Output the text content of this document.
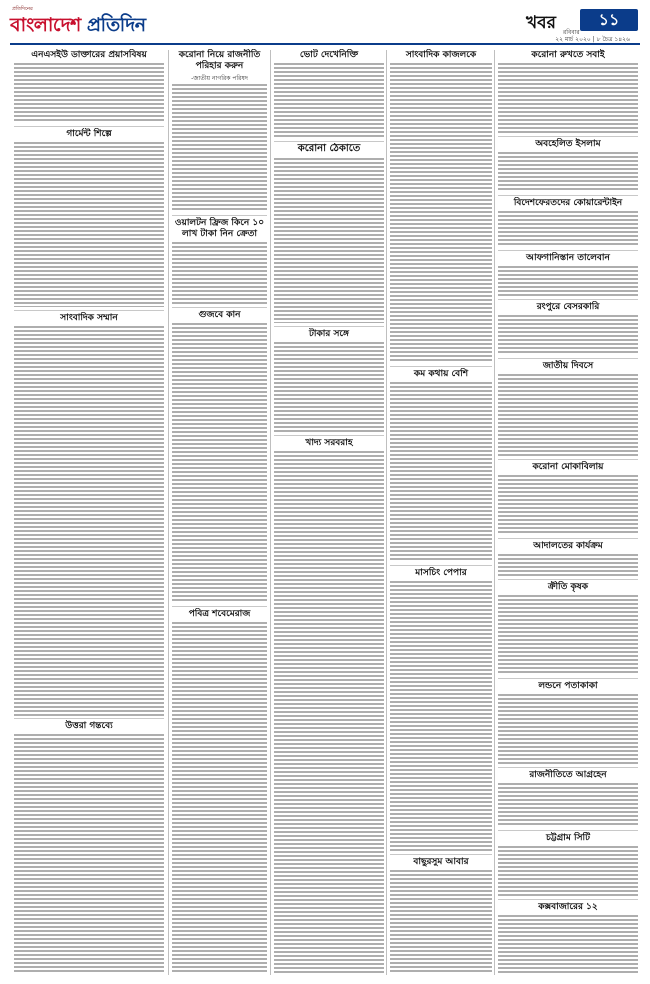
প্রতিদিনের
বাংলাদেশ প্রতিদিন	খবর	১১
রবিবার
২২ মার্চ ২০২০ | ৮ চৈত্র ১৪২৬
এনএসইউ ডাক্তারের প্রয়াসবিষয়
গার্মেন্ট শিল্পে
সাংবাদিক সম্মান
উত্তরা গন্তব্যে
করোনা নিয়ে রাজনীতি
পরিহার করুন
-জাতীয় নাগরিক পরিষদ
ওয়ালটন ফ্রিজ কিনে ১০
লাখ টাকা নিন ক্রেতা
গুজবে কান
পবিত্র শবেমেরাজ
ভোট দেখেনিক্তি
করোনা ঠেকাতে
টাকার সঙ্গে
খাদ্য সরবরাহ
সাংবাদিক কাজলকে
কম কথায় বেশি
মাসচিং পেপার
বাছুরসুম আবার
করোনা রুখতে সবাই
অবহেলিত ইসলাম
বিদেশফেরতদের কোয়ারেন্টাইন
আফগানিস্তান তালেবান
রংপুরে বেসরকারি
জাতীয় দিবসে
করোনা মোকাবিলায়
আদালতের কার্যক্রম
ক্রীতি কৃষক
লন্ডনে পতাকাকা
রাজনীতিতে আগ্রহেন
চট্টগ্রাম সিটি
কক্সবাজারের ১২
